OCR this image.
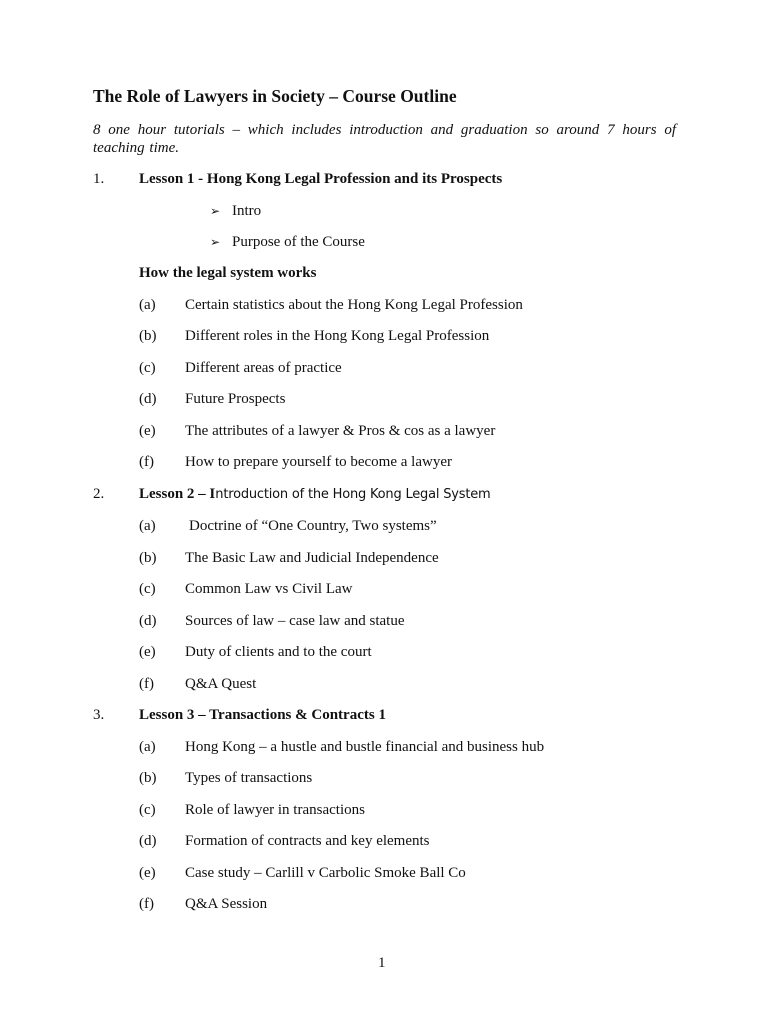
The Role of Lawyers in Society – Course Outline
8 one hour tutorials – which includes introduction and graduation so around 7 hours of teaching time.
1. Lesson 1 - Hong Kong Legal Profession and its Prospects
➢ Intro
➢ Purpose of the Course
How the legal system works
(a) Certain statistics about the Hong Kong Legal Profession
(b) Different roles in the Hong Kong Legal Profession
(c) Different areas of practice
(d) Future Prospects
(e) The attributes of a lawyer & Pros & cos as a lawyer
(f) How to prepare yourself to become a lawyer
2. Lesson 2 – Introduction of the Hong Kong Legal System
(a) Doctrine of “One Country, Two systems”
(b) The Basic Law and Judicial Independence
(c) Common Law vs Civil Law
(d) Sources of law – case law and statue
(e) Duty of clients and to the court
(f) Q&A Quest
3. Lesson 3 – Transactions & Contracts 1
(a) Hong Kong – a hustle and bustle financial and business hub
(b) Types of transactions
(c) Role of lawyer in transactions
(d) Formation of contracts and key elements
(e) Case study – Carlill v Carbolic Smoke Ball Co
(f) Q&A Session
1
